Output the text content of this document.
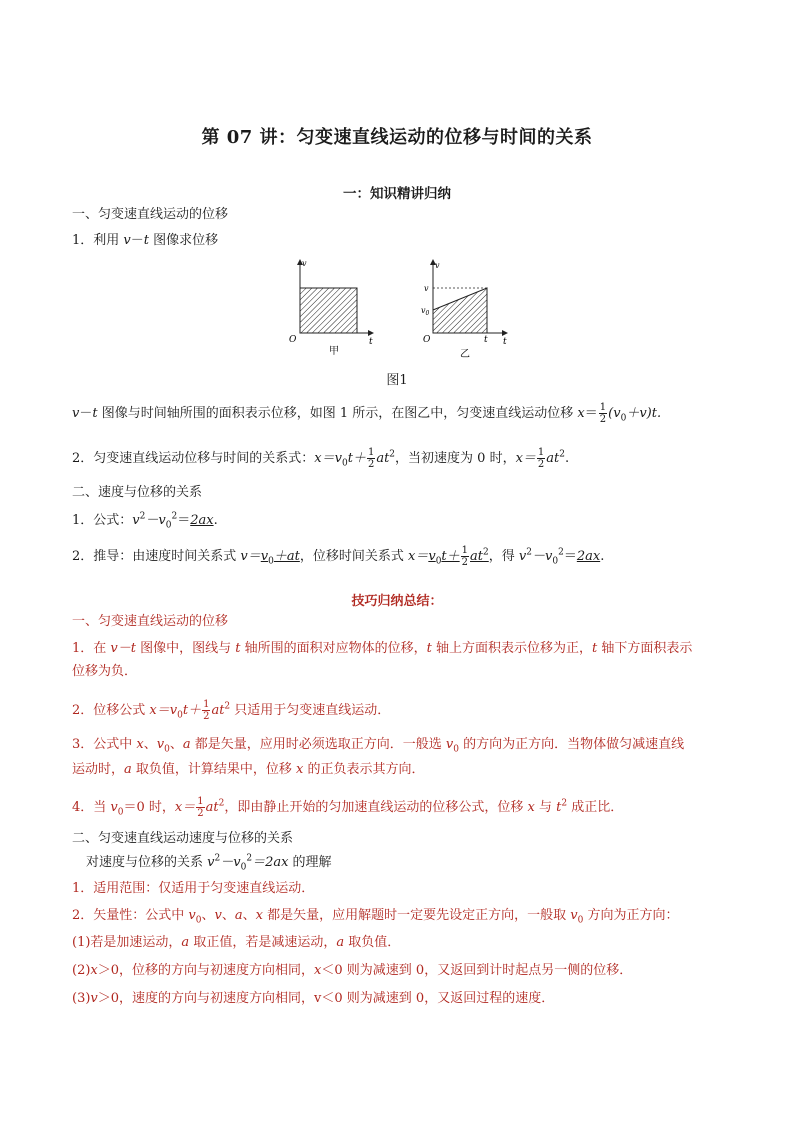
第 07 讲：匀变速直线运动的位移与时间的关系
一：知识精讲归纳
一、匀变速直线运动的位移
1．利用 v－t 图像求位移
v
O	t
甲
v
v
$v_0$
O	t t
乙
图1
v－t 图像与时间轴所围的面积表示位移，如图 1 所示，在图乙中，匀变速直线运动位移 $x= \frac{1}{2} (v_0+v)t$.
2．匀变速直线运动位移与时间的关系式：$x=v_0t+ \frac{1}{2} at^2$，当初速度为 0 时，$x= \frac{1}{2} at^2$.
二、速度与位移的关系
1．公式：$v^2-v_0^2=2ax$.
2．推导：由速度时间关系式 $v=v_0+at$，位移时间关系式 $x=v_0t+ \frac{1}{2} at^2$，得 $v^2-v_0^2=2ax$.
技巧归纳总结：
一、匀变速直线运动的位移
1．在 v－t 图像中，图线与 t 轴所围的面积对应物体的位移，t 轴上方面积表示位移为正，t 轴下方面积表示
位移为负．
2．位移公式 $x=v_0t+ \frac{1}{2} at^2$ 只适用于匀变速直线运动．
3．公式中 x、$v_0$、a 都是矢量，应用时必须选取正方向．一般选 $v_0$ 的方向为正方向．当物体做匀减速直线
运动时，a 取负值，计算结果中，位移 x 的正负表示其方向．
4．当 $v_0=0$ 时，$x= \frac{1}{2} at^2$，即由静止开始的匀加速直线运动的位移公式，位移 x 与 $t^2$ 成正比．
二、匀变速直线运动速度与位移的关系
对速度与位移的关系 $v^2-v_0^2=2ax$ 的理解
1．适用范围：仅适用于匀变速直线运动．
2．矢量性：公式中 $v_0$、v、a、x 都是矢量，应用解题时一定要先设定正方向，一般取 $v_0$ 方向为正方向：
(1)若是加速运动，a 取正值，若是减速运动，a 取负值．
(2)x＞0，位移的方向与初速度方向相同，x＜0 则为减速到 0，又返回到计时起点另一侧的位移．
(3)v＞0，速度的方向与初速度方向相同，v＜0 则为减速到 0，又返回过程的速度．
